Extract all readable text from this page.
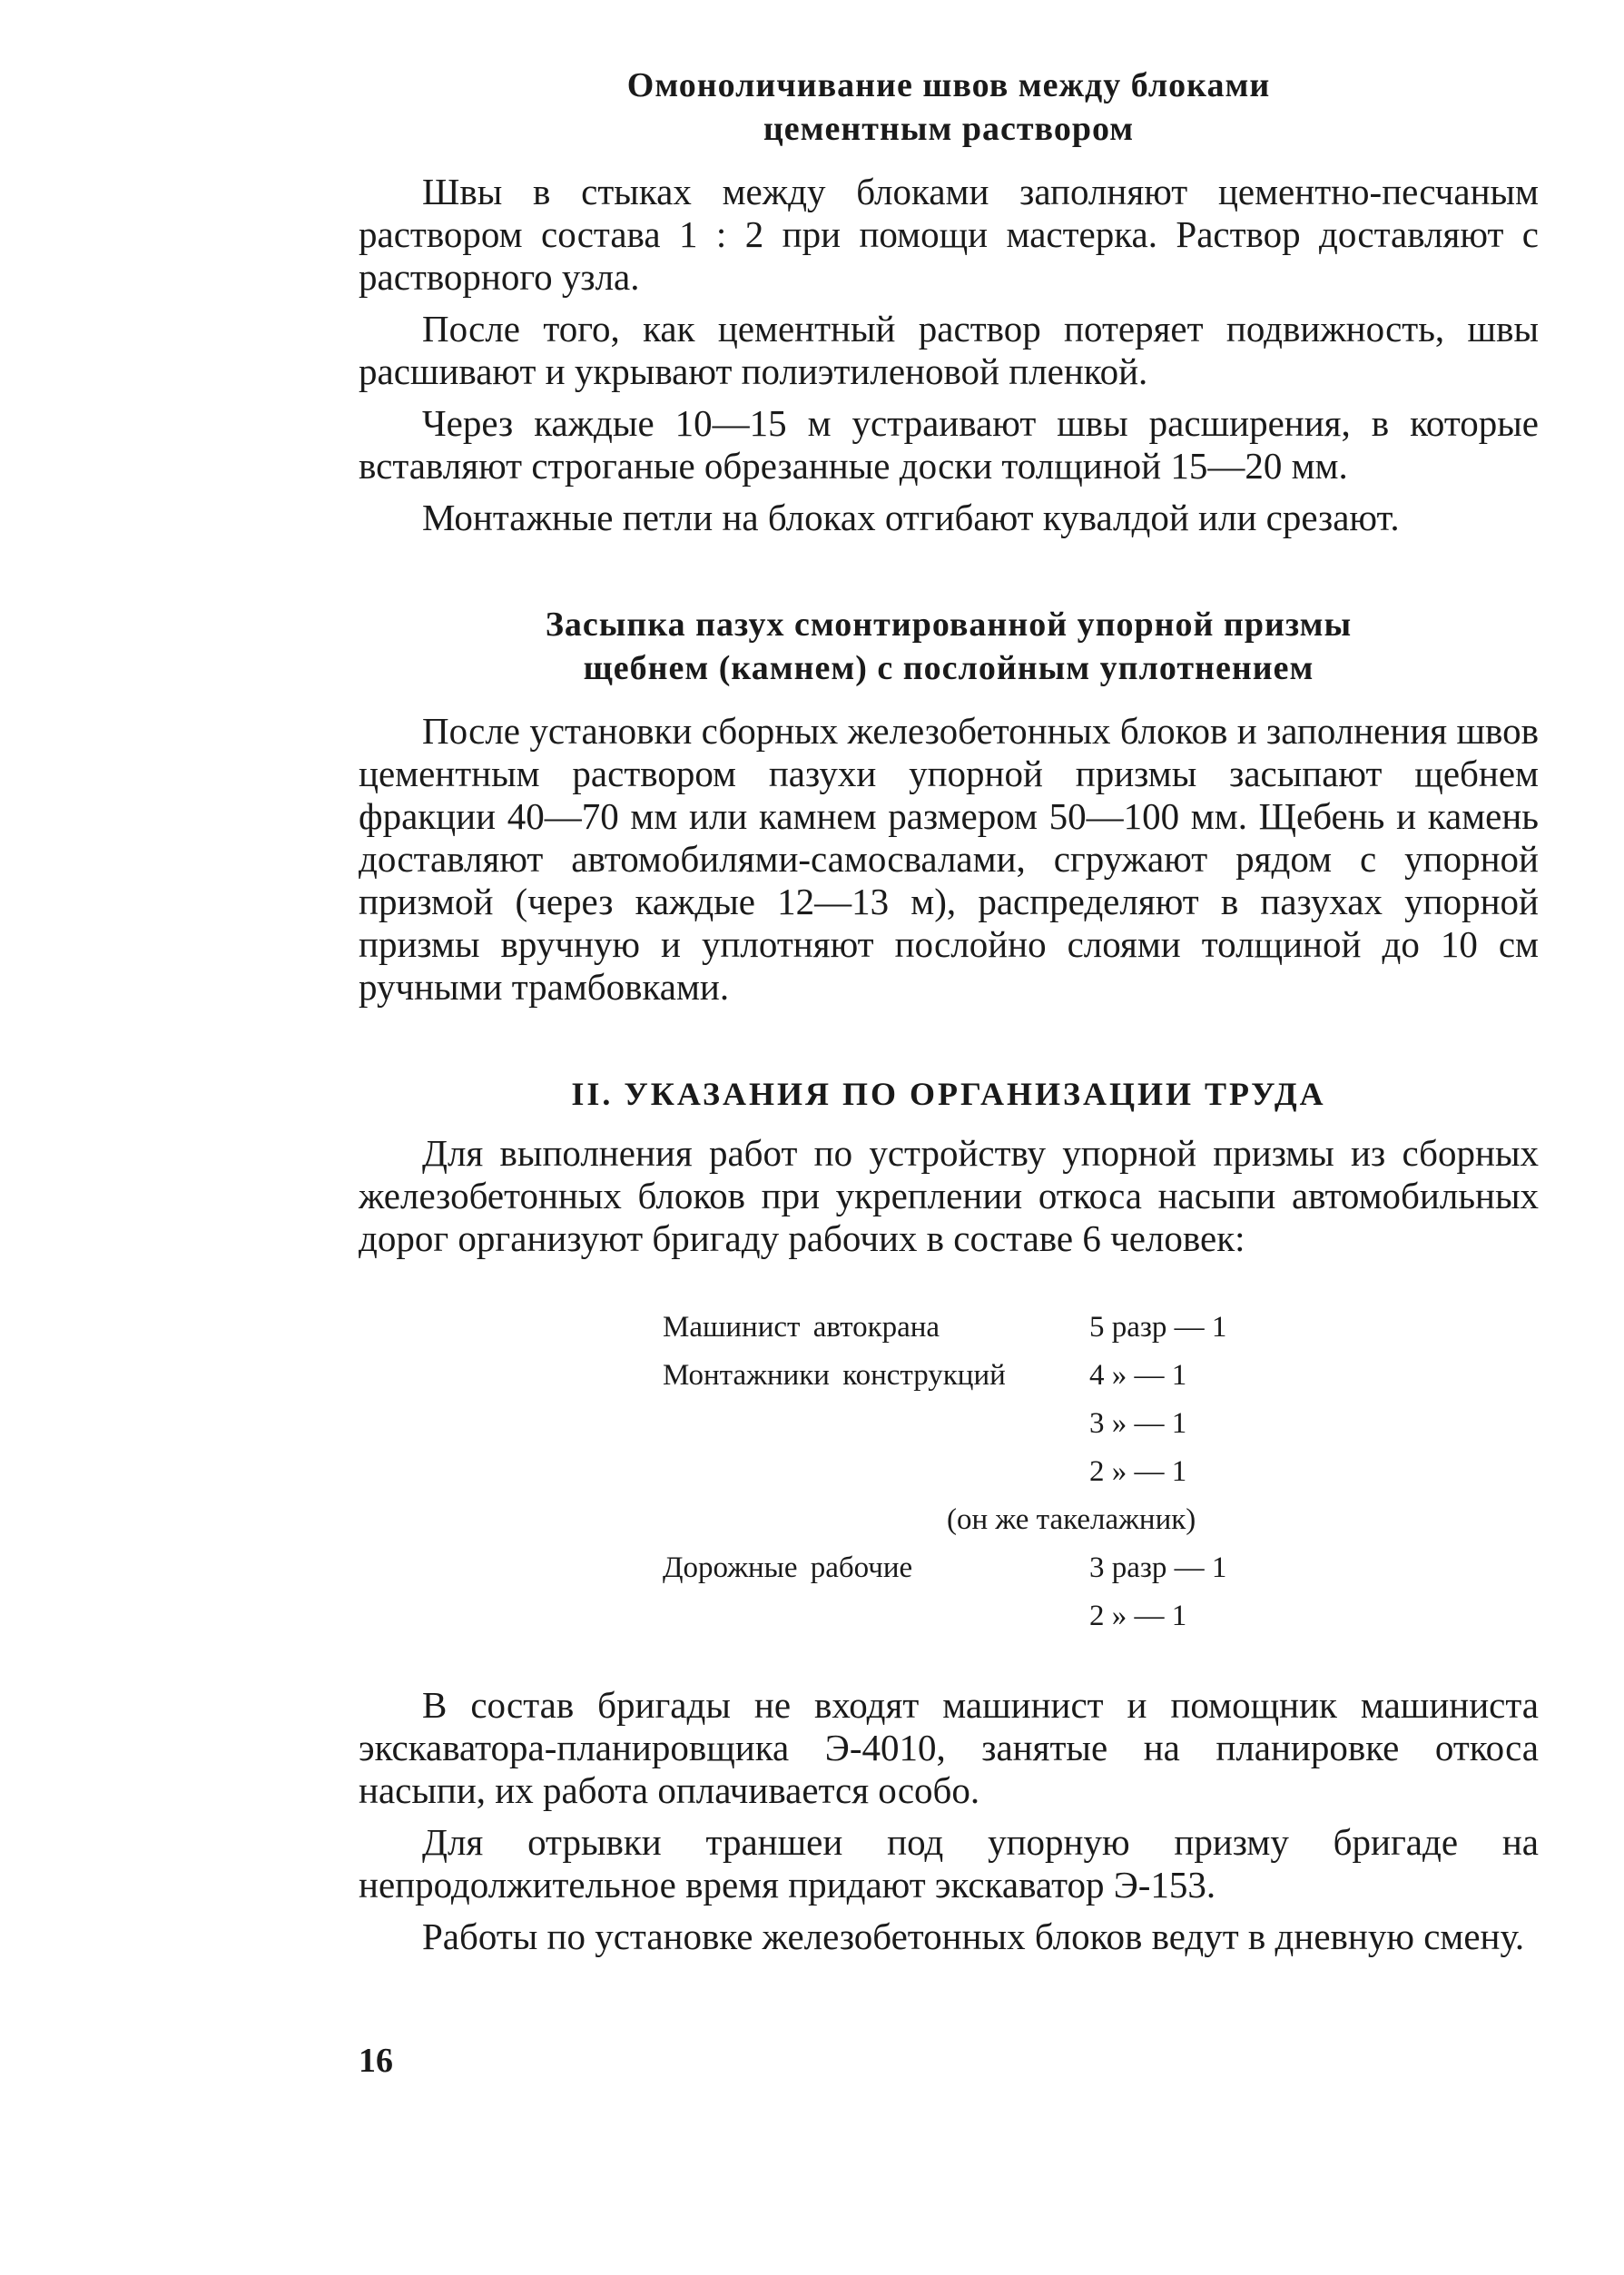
Омоноличивание швов между блоками
цементным раствором

Швы в стыках между блоками заполняют цементно-песчаным раствором состава 1 : 2 при помощи мастерка. Раствор доставляют с растворного узла.

После того, как цементный раствор потеряет подвижность, швы расшивают и укрывают полиэтиленовой пленкой.

Через каждые 10—15 м устраивают швы расширения, в которые вставляют строганые обрезанные доски толщиной 15—20 мм.

Монтажные петли на блоках отгибают кувалдой или срезают.

Засыпка пазух смонтированной упорной призмы
щебнем (камнем) с послойным уплотнением

После установки сборных железобетонных блоков и заполнения швов цементным раствором пазухи упорной призмы засыпают щебнем фракции 40—70 мм или камнем размером 50—100 мм. Щебень и камень доставляют автомобилями-самосвалами, сгружают рядом с упорной призмой (через каждые 12—13 м), распределяют в пазухах упорной призмы вручную и уплотняют послойно слоями толщиной до 10 см ручными трамбовками.

II. УКАЗАНИЯ ПО ОРГАНИЗАЦИИ ТРУДА

Для выполнения работ по устройству упорной призмы из сборных железобетонных блоков при укреплении откоса насыпи автомобильных дорог организуют бригаду рабочих в составе 6 человек:

Машинист автокрана	5 разр — 1
Монтажники конструкций	4 » — 1
3 » — 1
2 » — 1
(он же такелажник)
Дорожные рабочие	3 разр — 1
2 » — 1

В состав бригады не входят машинист и помощник машиниста экскаватора-планировщика Э-4010, занятые на планировке откоса насыпи, их работа оплачивается особо.

Для отрывки траншеи под упорную призму бригаде на непродолжительное время придают экскаватор Э-153.

Работы по установке железобетонных блоков ведут в дневную смену.

16
